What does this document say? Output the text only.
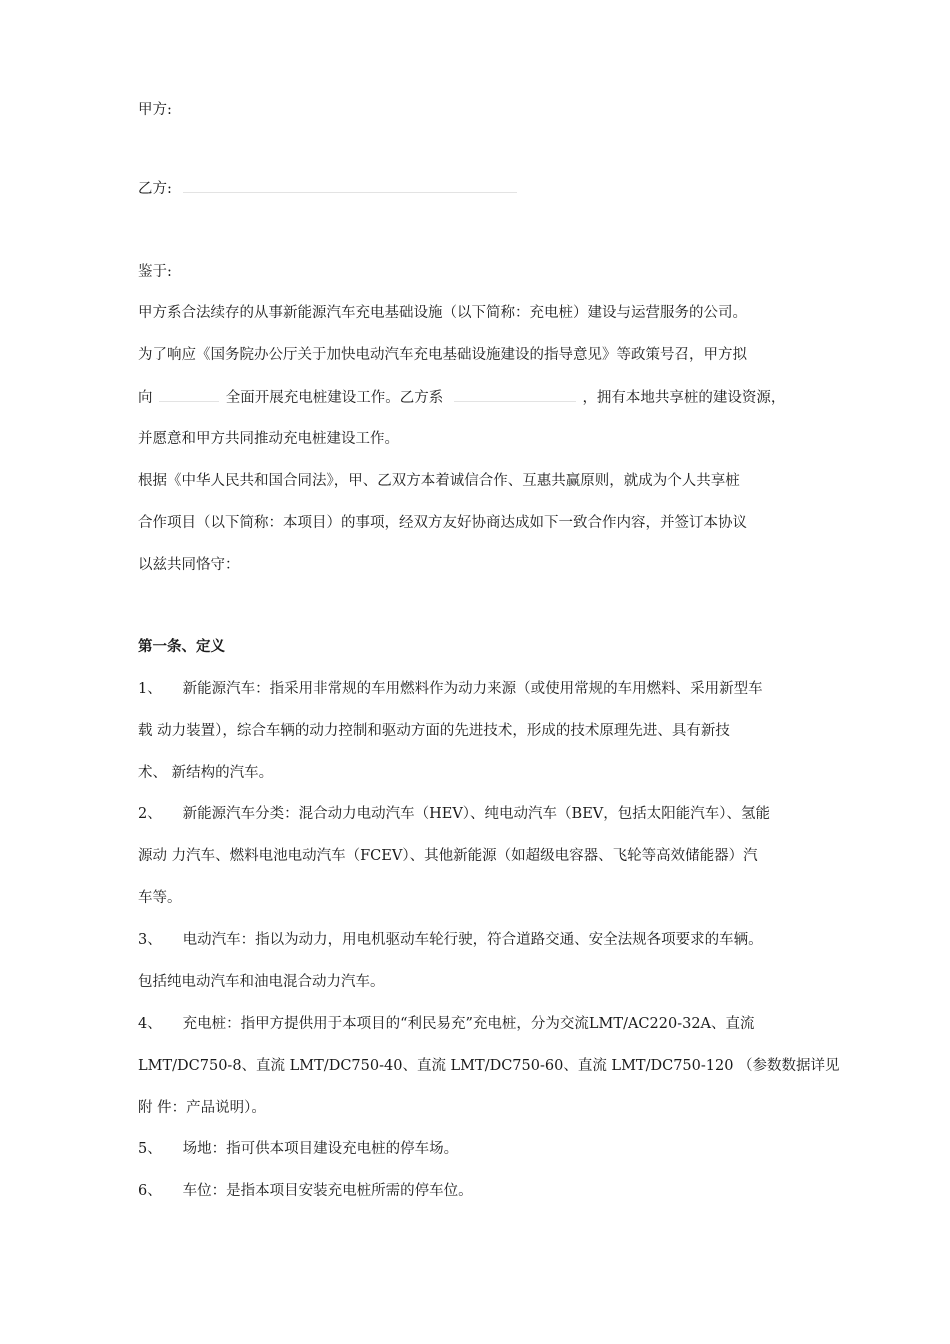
甲方:
乙方:
鉴于:
甲方系合法续存的从事新能源汽车充电基础设施（以下简称：充电桩）建设与运营服务的公司。
为了响应《国务院办公厅关于加快电动汽车充电基础设施建设的指导意见》等政策号召，甲方拟
向	全面开展充电桩建设工作。乙方系	，拥有本地共享桩的建设资源，
并愿意和甲方共同推动充电桩建设工作。
根据《中华人民共和国合同法》，甲、乙双方本着诚信合作、互惠共赢原则，就成为个人共享桩
合作项目（以下简称：本项目）的事项，经双方友好协商达成如下一致合作内容，并签订本协议
以兹共同恪守：
第一条、定义
1、 新能源汽车：指采用非常规的车用燃料作为动力来源（或使用常规的车用燃料、采用新型车
载 动力装置），综合车辆的动力控制和驱动方面的先进技术，形成的技术原理先进、具有新技
术、 新结构的汽车。
2、 新能源汽车分类：混合动力电动汽车（HEV）、纯电动汽车（BEV，包括太阳能汽车）、氢能
源动 力汽车、燃料电池电动汽车（FCEV）、其他新能源（如超级电容器、飞轮等高效储能器）汽
车等。
3、 电动汽车：指以为动力，用电机驱动车轮行驶，符合道路交通、安全法规各项要求的车辆。
包括纯电动汽车和油电混合动力汽车。
4、 充电桩：指甲方提供用于本项目的“利民易充”充电桩，分为交流LMT/AC220-32A、直流
LMT/DC750-8、直流 LMT/DC750-40、直流 LMT/DC750-60、直流 LMT/DC750-120 （参数数据详见
附 件：产品说明）。
5、 场地：指可供本项目建设充电桩的停车场。
6、 车位：是指本项目安装充电桩所需的停车位。
